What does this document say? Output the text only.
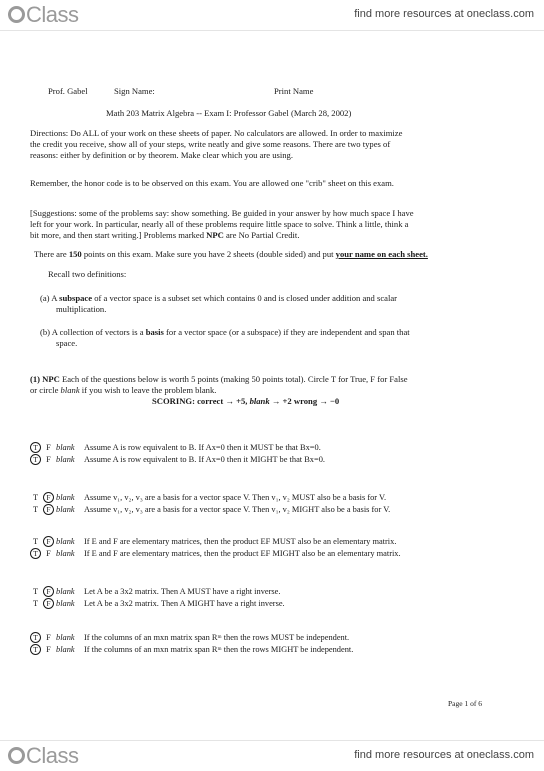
Class	find more resources at oneclass.com
Prof. Gabel	Sign Name:	Print Name
Math 203 Matrix Algebra -- Exam I: Professor Gabel (March 28, 2002)
Directions: Do ALL of your work on these sheets of paper. No calculators are allowed. In order to maximize
the credit you receive, show all of your steps, write neatly and give some reasons. There are two types of
reasons: either by definition or by theorem. Make clear which you are using.
Remember, the honor code is to be observed on this exam. You are allowed one "crib" sheet on this exam.
[Suggestions: some of the problems say: show something. Be guided in your answer by how much space I have
left for your work. In particular, nearly all of these problems require little space to solve. Think a little, think a
bit more, and then start writing.] Problems marked NPC are No Partial Credit.
There are 150 points on this exam. Make sure you have 2 sheets (double sided) and put your name on each sheet.
Recall two definitions:
(a) A subspace of a vector space is a subset set which contains 0 and is closed under addition and scalar
multiplication.
(b) A collection of vectors is a basis for a vector space (or a subspace) if they are independent and span that
space.
(1) NPC Each of the questions below is worth 5 points (making 50 points total). Circle T for True, F for False
or circle blank if you wish to leave the problem blank.
SCORING: correct → +5, blank → +2 wrong → −0
T F blank Assume A is row equivalent to B. If Ax=0 then it MUST be that Bx=0.
T F blank Assume A is row equivalent to B. If Ax=0 then it MIGHT be that Bx=0.
T F blank Assume v₁, v₂, v₃ are a basis for a vector space V. Then v₁, v₂ MUST also be a basis for V.
T F blank Assume v₁, v₂, v₃ are a basis for a vector space V. Then v₁, v₂ MIGHT also be a basis for V.
T F blank If E and F are elementary matrices, then the product EF MUST also be an elementary matrix.
T F blank If E and F are elementary matrices, then the product EF MIGHT also be an elementary matrix.
T F blank Let A be a 3x2 matrix. Then A MUST have a right inverse.
T F blank Let A be a 3x2 matrix. Then A MIGHT have a right inverse.
T F blank If the columns of an mxn matrix span Rᵐ then the rows MUST be independent.
T F blank If the columns of an mxn matrix span Rᵐ then the rows MIGHT be independent.
Page 1 of 6
Class	find more resources at oneclass.com
